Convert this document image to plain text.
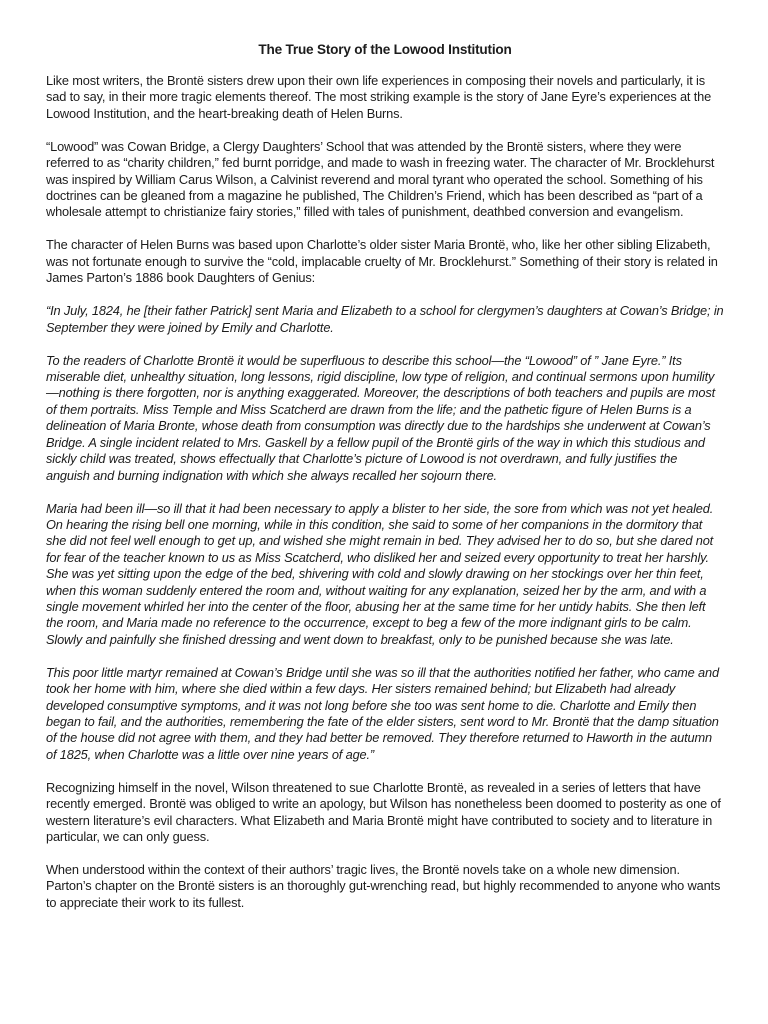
The True Story of the Lowood Institution

Like most writers, the Brontë sisters drew upon their own life experiences in composing their novels and particularly, it is sad to say, in their more tragic elements thereof. The most striking example is the story of Jane Eyre’s experiences at the Lowood Institution, and the heart-breaking death of Helen Burns.

“Lowood” was Cowan Bridge, a Clergy Daughters’ School that was attended by the Brontë sisters, where they were referred to as “charity children,” fed burnt porridge, and made to wash in freezing water. The character of Mr. Brocklehurst was inspired by William Carus Wilson, a Calvinist reverend and moral tyrant who operated the school. Something of his doctrines can be gleaned from a magazine he published, The Children’s Friend, which has been described as “part of a wholesale attempt to christianize fairy stories,” filled with tales of punishment, deathbed conversion and evangelism.

The character of Helen Burns was based upon Charlotte’s older sister Maria Brontë, who, like her other sibling Elizabeth, was not fortunate enough to survive the “cold, implacable cruelty of Mr. Brocklehurst.” Something of their story is related in James Parton’s 1886 book Daughters of Genius:

“In July, 1824, he [their father Patrick] sent Maria and Elizabeth to a school for clergymen’s daughters at Cowan’s Bridge; in September they were joined by Emily and Charlotte.

To the readers of Charlotte Brontë it would be superfluous to describe this school—the “Lowood” of ” Jane Eyre.” Its miserable diet, unhealthy situation, long lessons, rigid discipline, low type of religion, and continual sermons upon humility—nothing is there forgotten, nor is anything exaggerated. Moreover, the descriptions of both teachers and pupils are most of them portraits. Miss Temple and Miss Scatcherd are drawn from the life; and the pathetic figure of Helen Burns is a delineation of Maria Bronte, whose death from consumption was directly due to the hardships she underwent at Cowan’s Bridge. A single incident related to Mrs. Gaskell by a fellow pupil of the Brontë girls of the way in which this studious and sickly child was treated, shows effectually that Charlotte’s picture of Lowood is not overdrawn, and fully justifies the anguish and burning indignation with which she always recalled her sojourn there.

Maria had been ill—so ill that it had been necessary to apply a blister to her side, the sore from which was not yet healed. On hearing the rising bell one morning, while in this condition, she said to some of her companions in the dormitory that she did not feel well enough to get up, and wished she might remain in bed. They advised her to do so, but she dared not for fear of the teacher known to us as Miss Scatcherd, who disliked her and seized every opportunity to treat her harshly. She was yet sitting upon the edge of the bed, shivering with cold and slowly drawing on her stockings over her thin feet, when this woman suddenly entered the room and, without waiting for any explanation, seized her by the arm, and with a single movement whirled her into the center of the floor, abusing her at the same time for her untidy habits. She then left the room, and Maria made no reference to the occurrence, except to beg a few of the more indignant girls to be calm. Slowly and painfully she finished dressing and went down to breakfast, only to be punished because she was late.

This poor little martyr remained at Cowan’s Bridge until she was so ill that the authorities notified her father, who came and took her home with him, where she died within a few days. Her sisters remained behind; but Elizabeth had already developed consumptive symptoms, and it was not long before she too was sent home to die. Charlotte and Emily then began to fail, and the authorities, remembering the fate of the elder sisters, sent word to Mr. Brontë that the damp situation of the house did not agree with them, and they had better be removed. They therefore returned to Haworth in the autumn of 1825, when Charlotte was a little over nine years of age.”

Recognizing himself in the novel, Wilson threatened to sue Charlotte Brontë, as revealed in a series of letters that have recently emerged. Brontë was obliged to write an apology, but Wilson has nonetheless been doomed to posterity as one of western literature’s evil characters. What Elizabeth and Maria Brontë might have contributed to society and to literature in particular, we can only guess.

When understood within the context of their authors’ tragic lives, the Brontë novels take on a whole new dimension. Parton’s chapter on the Brontë sisters is an thoroughly gut-wrenching read, but highly recommended to anyone who wants to appreciate their work to its fullest.
